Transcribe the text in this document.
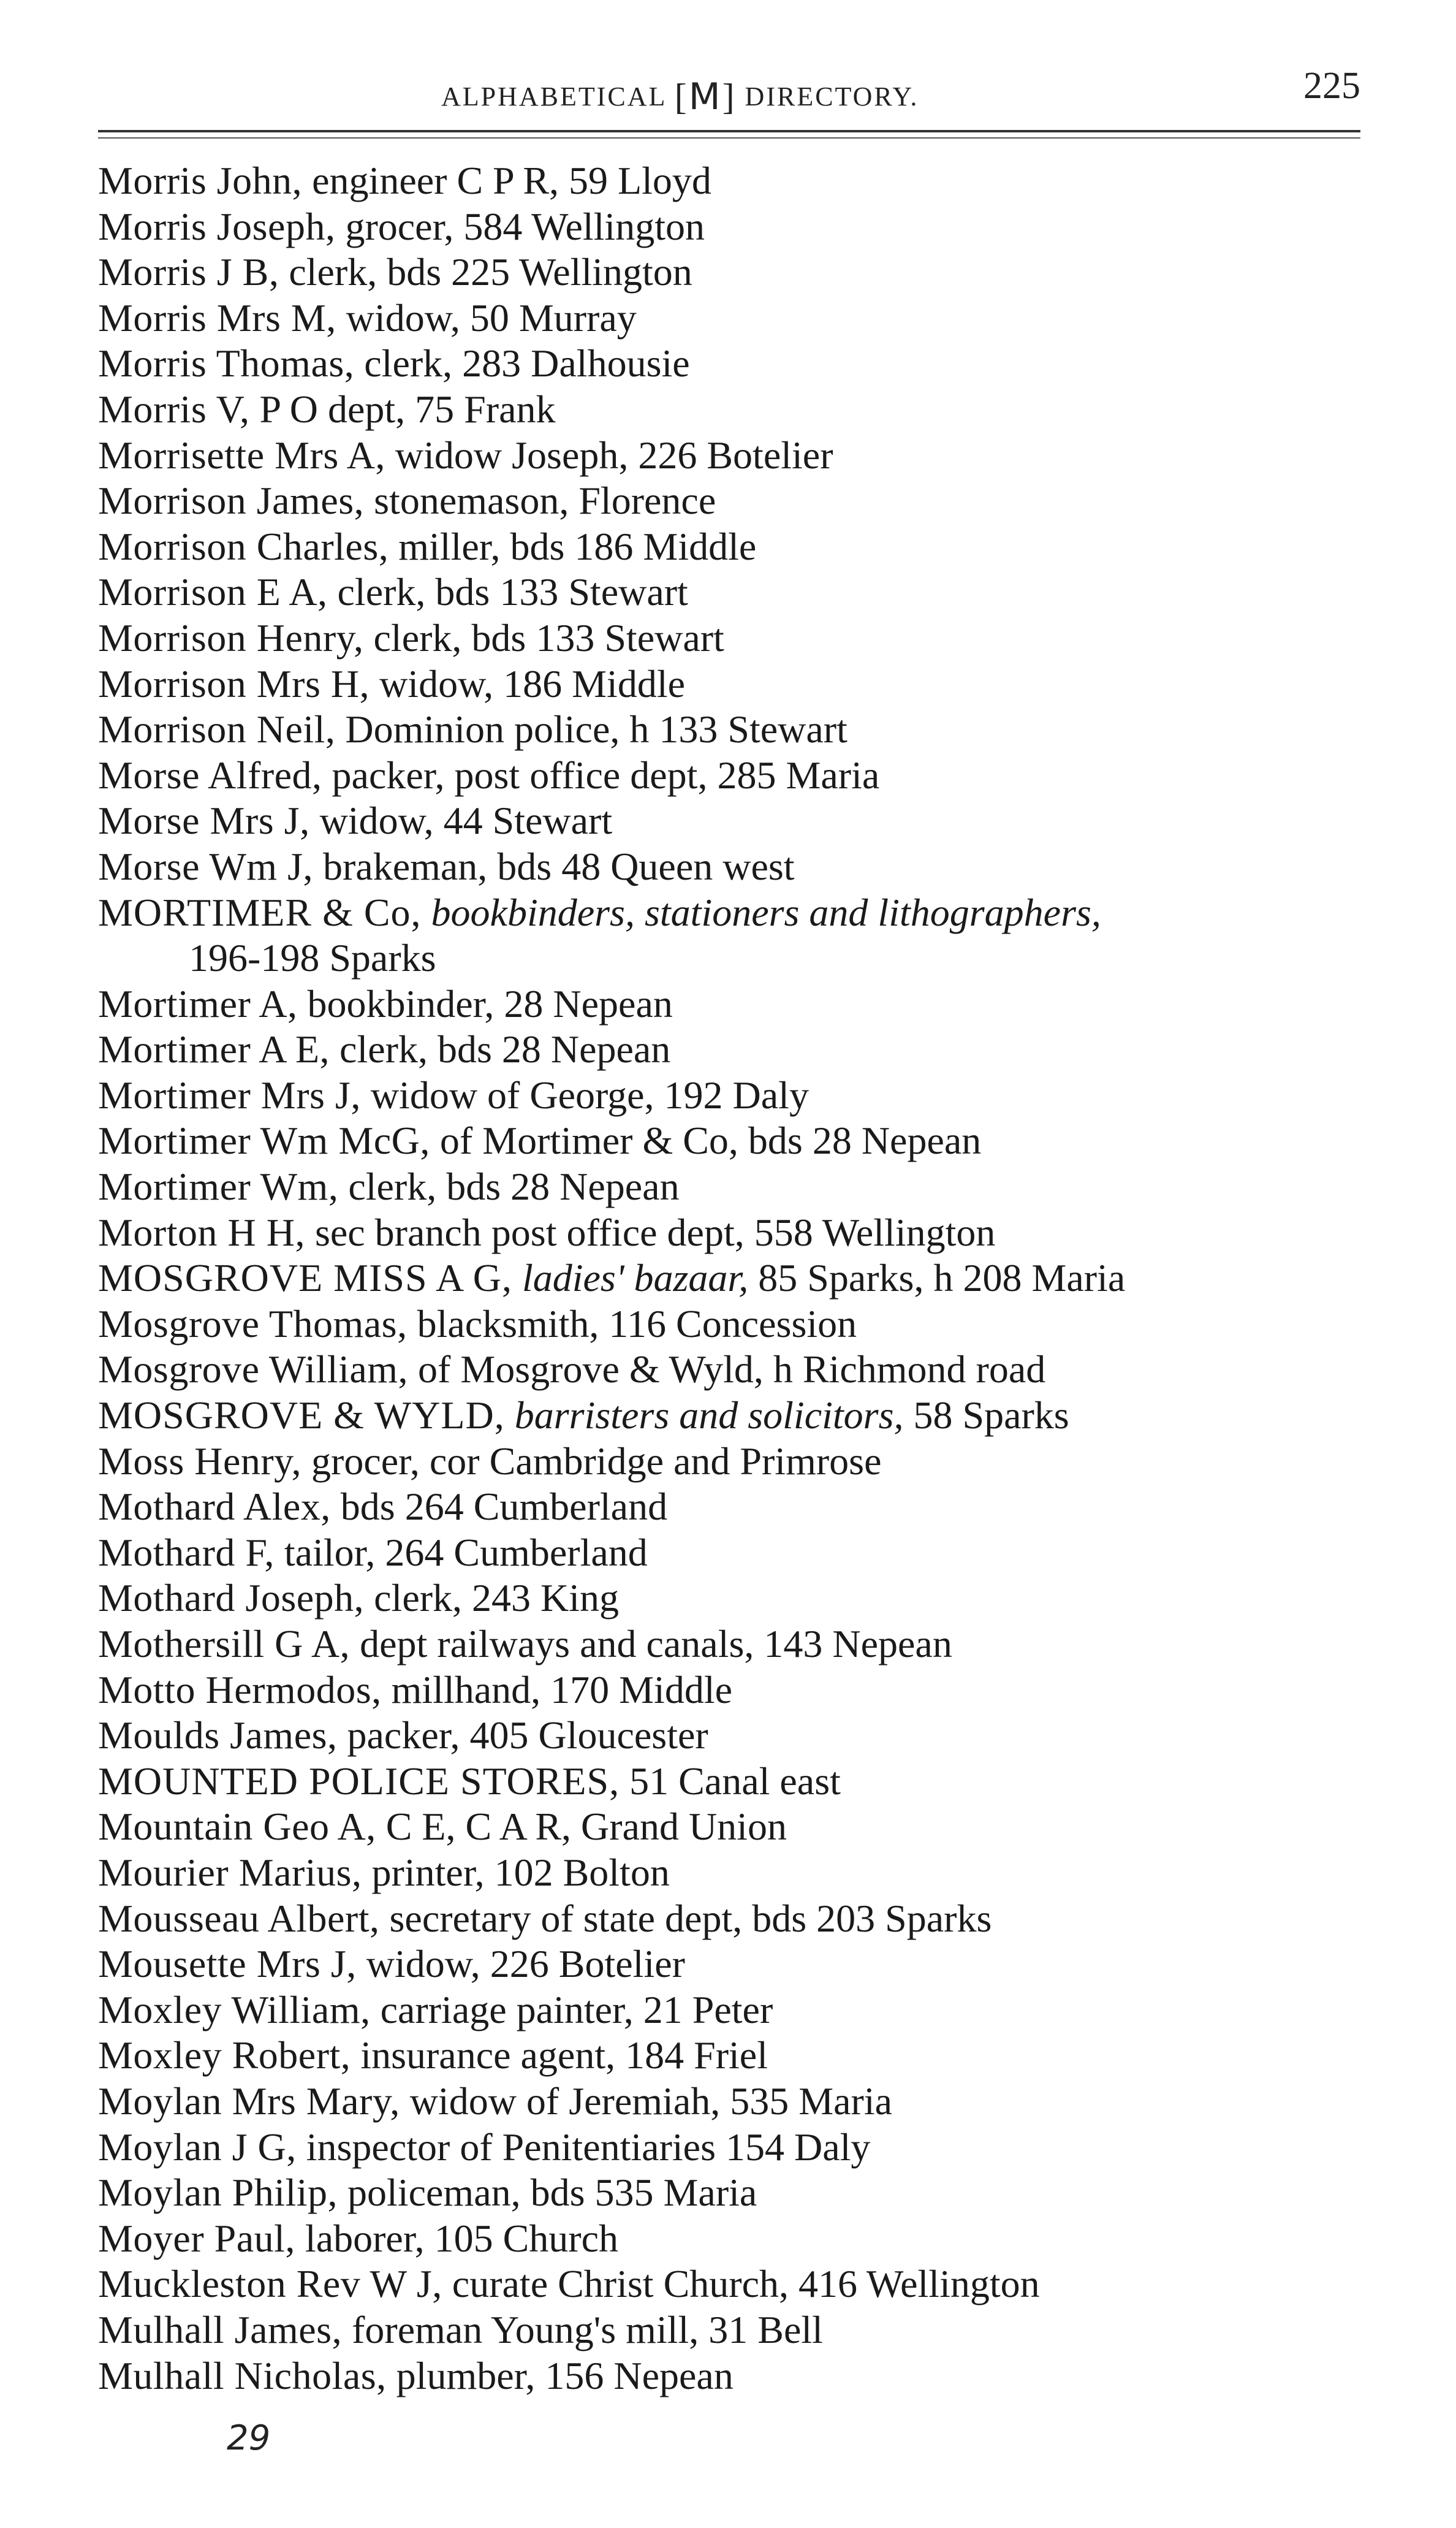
ALPHABETICAL [M] DIRECTORY.	225
Morris John, engineer C P R, 59 Lloyd
Morris Joseph, grocer, 584 Wellington
Morris J B, clerk, bds 225 Wellington
Morris Mrs M, widow, 50 Murray
Morris Thomas, clerk, 283 Dalhousie
Morris V, P O dept, 75 Frank
Morrisette Mrs A, widow Joseph, 226 Botelier
Morrison James, stonemason, Florence
Morrison Charles, miller, bds 186 Middle
Morrison E A, clerk, bds 133 Stewart
Morrison Henry, clerk, bds 133 Stewart
Morrison Mrs H, widow, 186 Middle
Morrison Neil, Dominion police, h 133 Stewart
Morse Alfred, packer, post office dept, 285 Maria
Morse Mrs J, widow, 44 Stewart
Morse Wm J, brakeman, bds 48 Queen west
MORTIMER & Co, bookbinders, stationers and lithographers,
196-198 Sparks
Mortimer A, bookbinder, 28 Nepean
Mortimer A E, clerk, bds 28 Nepean
Mortimer Mrs J, widow of George, 192 Daly
Mortimer Wm McG, of Mortimer & Co, bds 28 Nepean
Mortimer Wm, clerk, bds 28 Nepean
Morton H H, sec branch post office dept, 558 Wellington
MOSGROVE MISS A G, ladies' bazaar, 85 Sparks, h 208 Maria
Mosgrove Thomas, blacksmith, 116 Concession
Mosgrove William, of Mosgrove & Wyld, h Richmond road
MOSGROVE & WYLD, barristers and solicitors, 58 Sparks
Moss Henry, grocer, cor Cambridge and Primrose
Mothard Alex, bds 264 Cumberland
Mothard F, tailor, 264 Cumberland
Mothard Joseph, clerk, 243 King
Mothersill G A, dept railways and canals, 143 Nepean
Motto Hermodos, millhand, 170 Middle
Moulds James, packer, 405 Gloucester
MOUNTED POLICE STORES, 51 Canal east
Mountain Geo A, C E, C A R, Grand Union
Mourier Marius, printer, 102 Bolton
Mousseau Albert, secretary of state dept, bds 203 Sparks
Mousette Mrs J, widow, 226 Botelier
Moxley William, carriage painter, 21 Peter
Moxley Robert, insurance agent, 184 Friel
Moylan Mrs Mary, widow of Jeremiah, 535 Maria
Moylan J G, inspector of Penitentiaries 154 Daly
Moylan Philip, policeman, bds 535 Maria
Moyer Paul, laborer, 105 Church
Muckleston Rev W J, curate Christ Church, 416 Wellington
Mulhall James, foreman Young's mill, 31 Bell
Mulhall Nicholas, plumber, 156 Nepean
29
